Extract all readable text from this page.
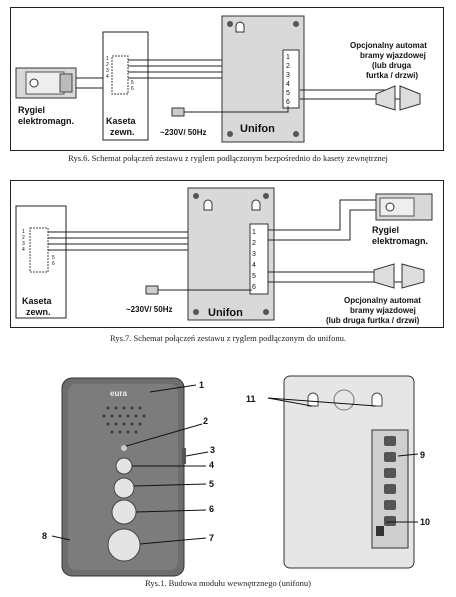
Rygiel
elektromagn.
1
2
3
4
5
6
Kaseta
zewn.
1
2
3
4
5
6
Unifon
~230V/ 50Hz
Opcjonalny automat
bramy wjazdowej
(lub druga
furtka / drzwi)
Rys.6. Schemat połączeń zestawu z ryglem podłączonym bezpośrednio do kasety zewnętrznej
1
2
3
4
5
6
Kaseta
zewn.
1
2
3
4
5
6
Unifon
Rygiel
elektromagn.
Opcjonalny automat
bramy wjazdowej
(lub druga furtka / drzwi)
~230V/ 50Hz
Rys.7. Schemat połączeń zestawu z ryglem podłączonym do unifonu.
eura
1
2
3
4
5
6
7
8
11
9
10
Rys.1. Budowa modułu wewnętrznego (unifonu)
